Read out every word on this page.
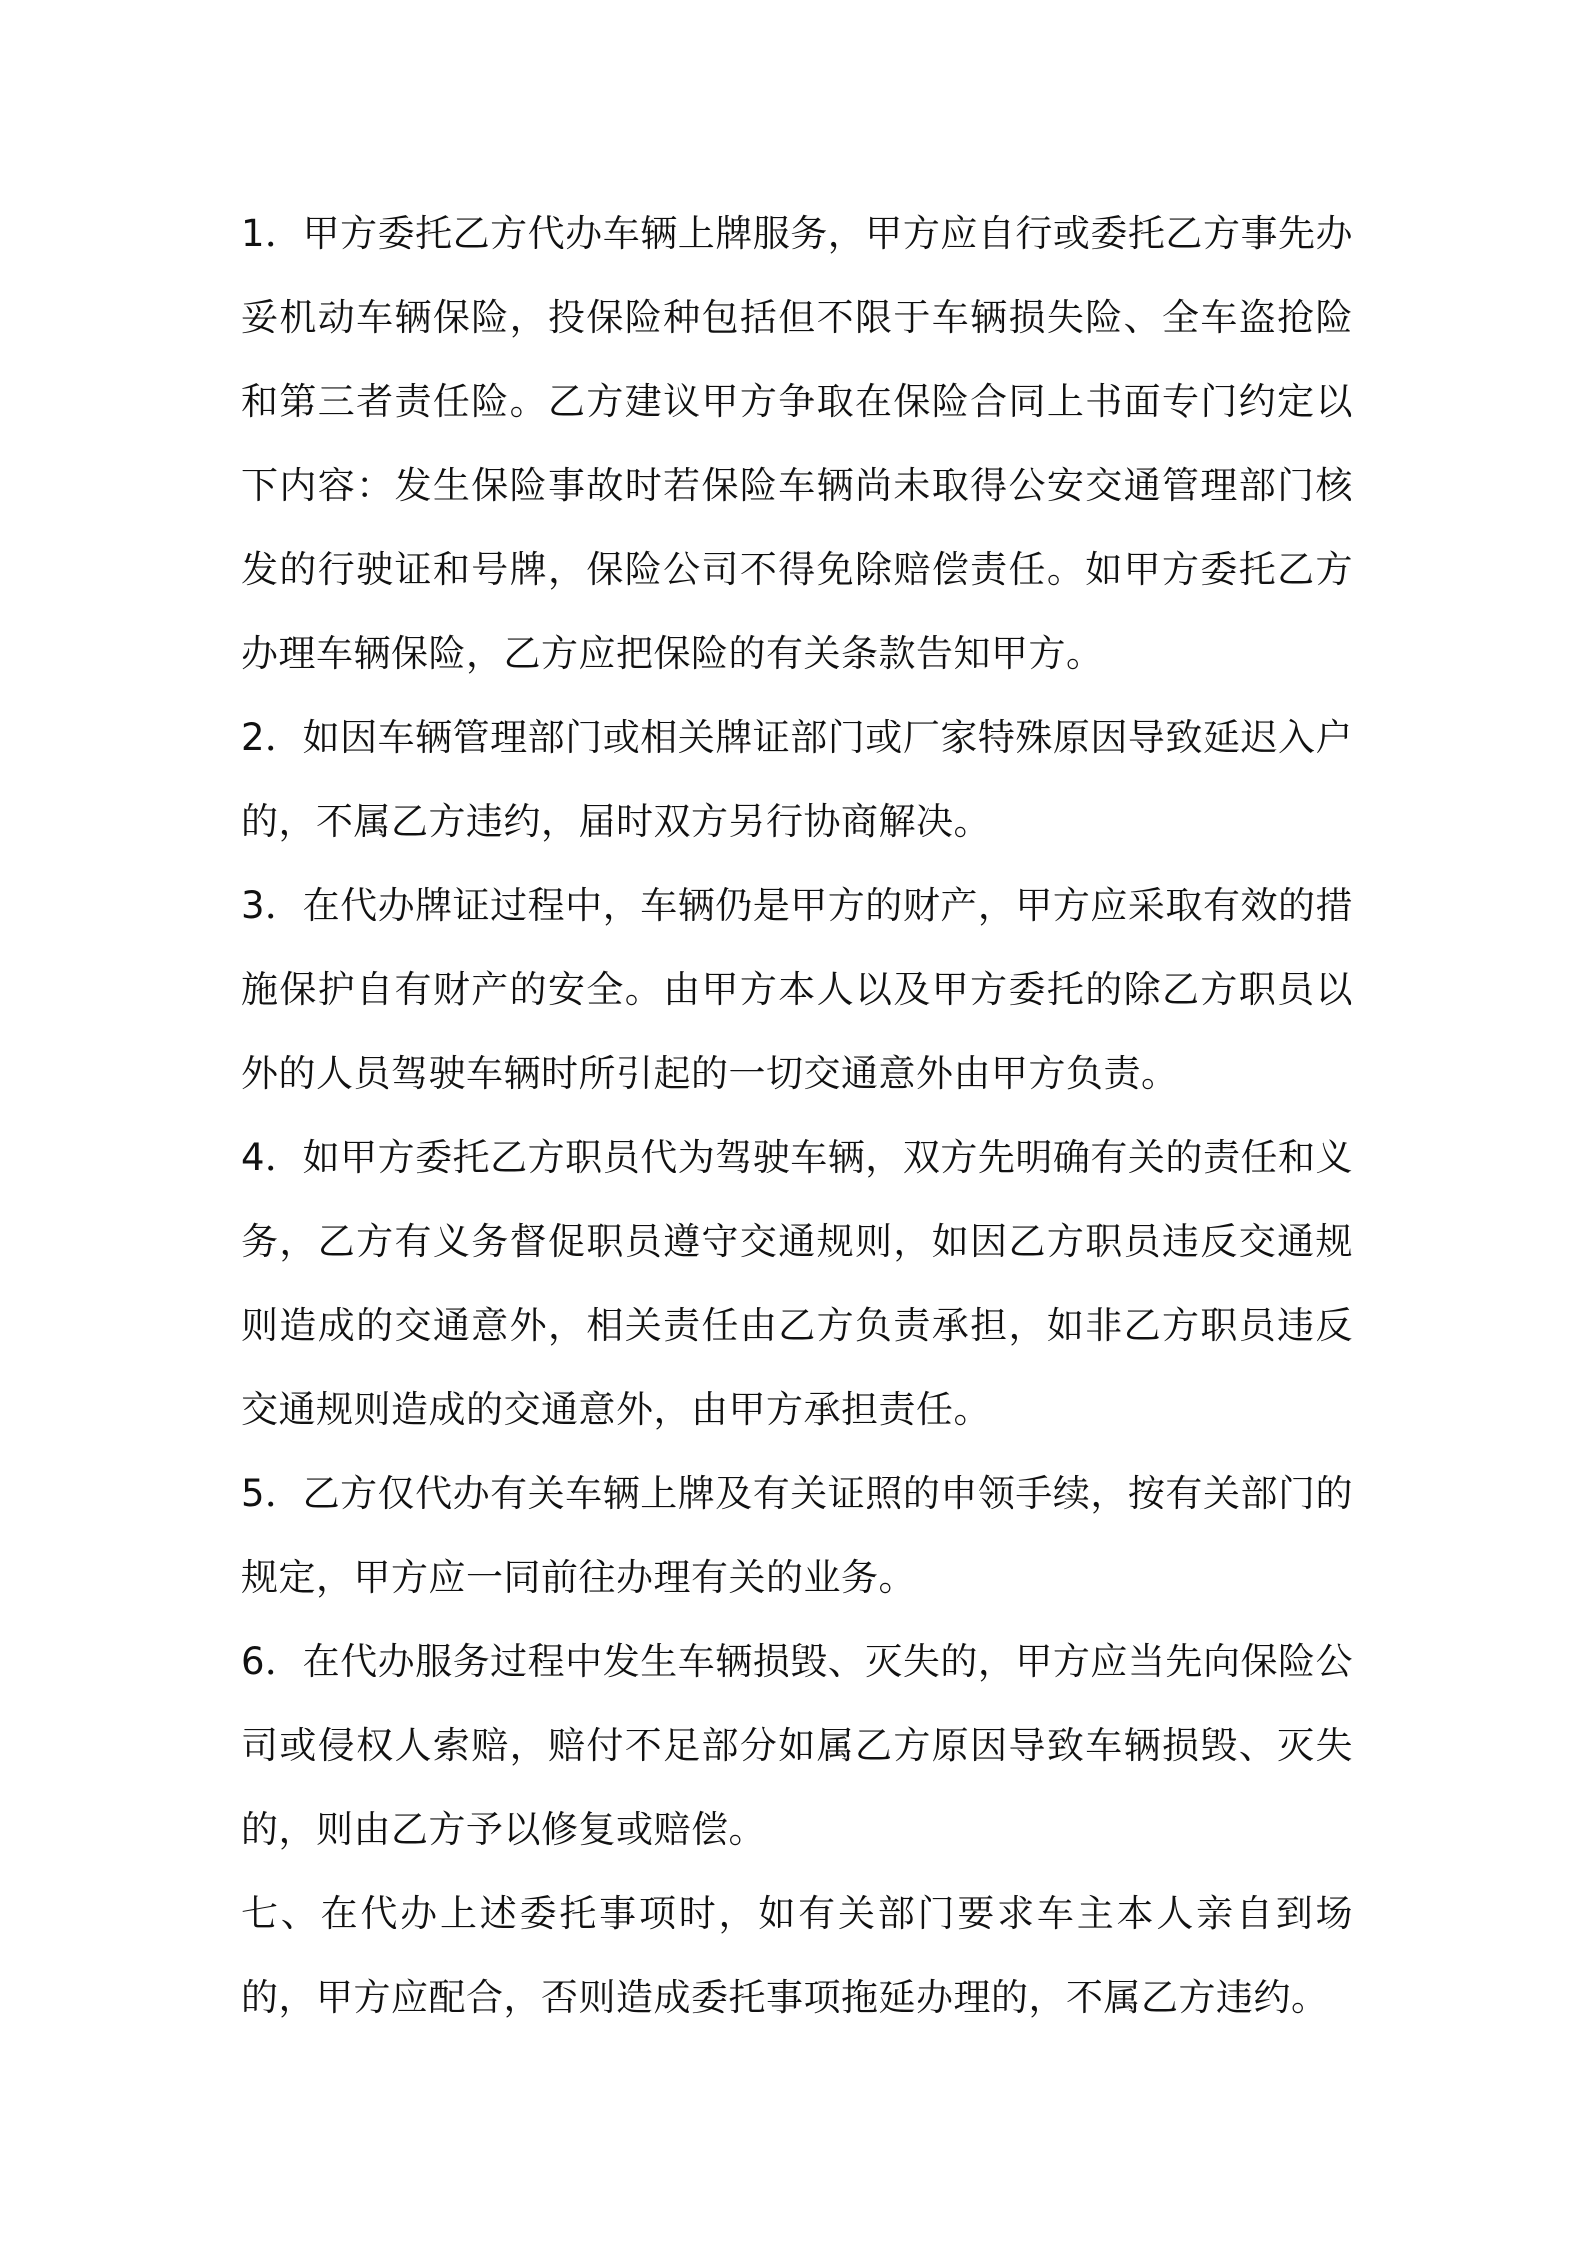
1．甲方委托乙方代办车辆上牌服务，甲方应自行或委托乙方事先办妥机动车辆保险，投保险种包括但不限于车辆损失险、全车盗抢险和第三者责任险。乙方建议甲方争取在保险合同上书面专门约定以下内容：发生保险事故时若保险车辆尚未取得公安交通管理部门核发的行驶证和号牌，保险公司不得免除赔偿责任。如甲方委托乙方办理车辆保险，乙方应把保险的有关条款告知甲方。

2．如因车辆管理部门或相关牌证部门或厂家特殊原因导致延迟入户的，不属乙方违约，届时双方另行协商解决。

3．在代办牌证过程中，车辆仍是甲方的财产，甲方应采取有效的措施保护自有财产的安全。由甲方本人以及甲方委托的除乙方职员以外的人员驾驶车辆时所引起的一切交通意外由甲方负责。

4．如甲方委托乙方职员代为驾驶车辆，双方先明确有关的责任和义务，乙方有义务督促职员遵守交通规则，如因乙方职员违反交通规则造成的交通意外，相关责任由乙方负责承担，如非乙方职员违反交通规则造成的交通意外，由甲方承担责任。

5．乙方仅代办有关车辆上牌及有关证照的申领手续，按有关部门的规定，甲方应一同前往办理有关的业务。

6．在代办服务过程中发生车辆损毁、灭失的，甲方应当先向保险公司或侵权人索赔，赔付不足部分如属乙方原因导致车辆损毁、灭失的，则由乙方予以修复或赔偿。

七、在代办上述委托事项时，如有关部门要求车主本人亲自到场的，甲方应配合，否则造成委托事项拖延办理的，不属乙方违约。
